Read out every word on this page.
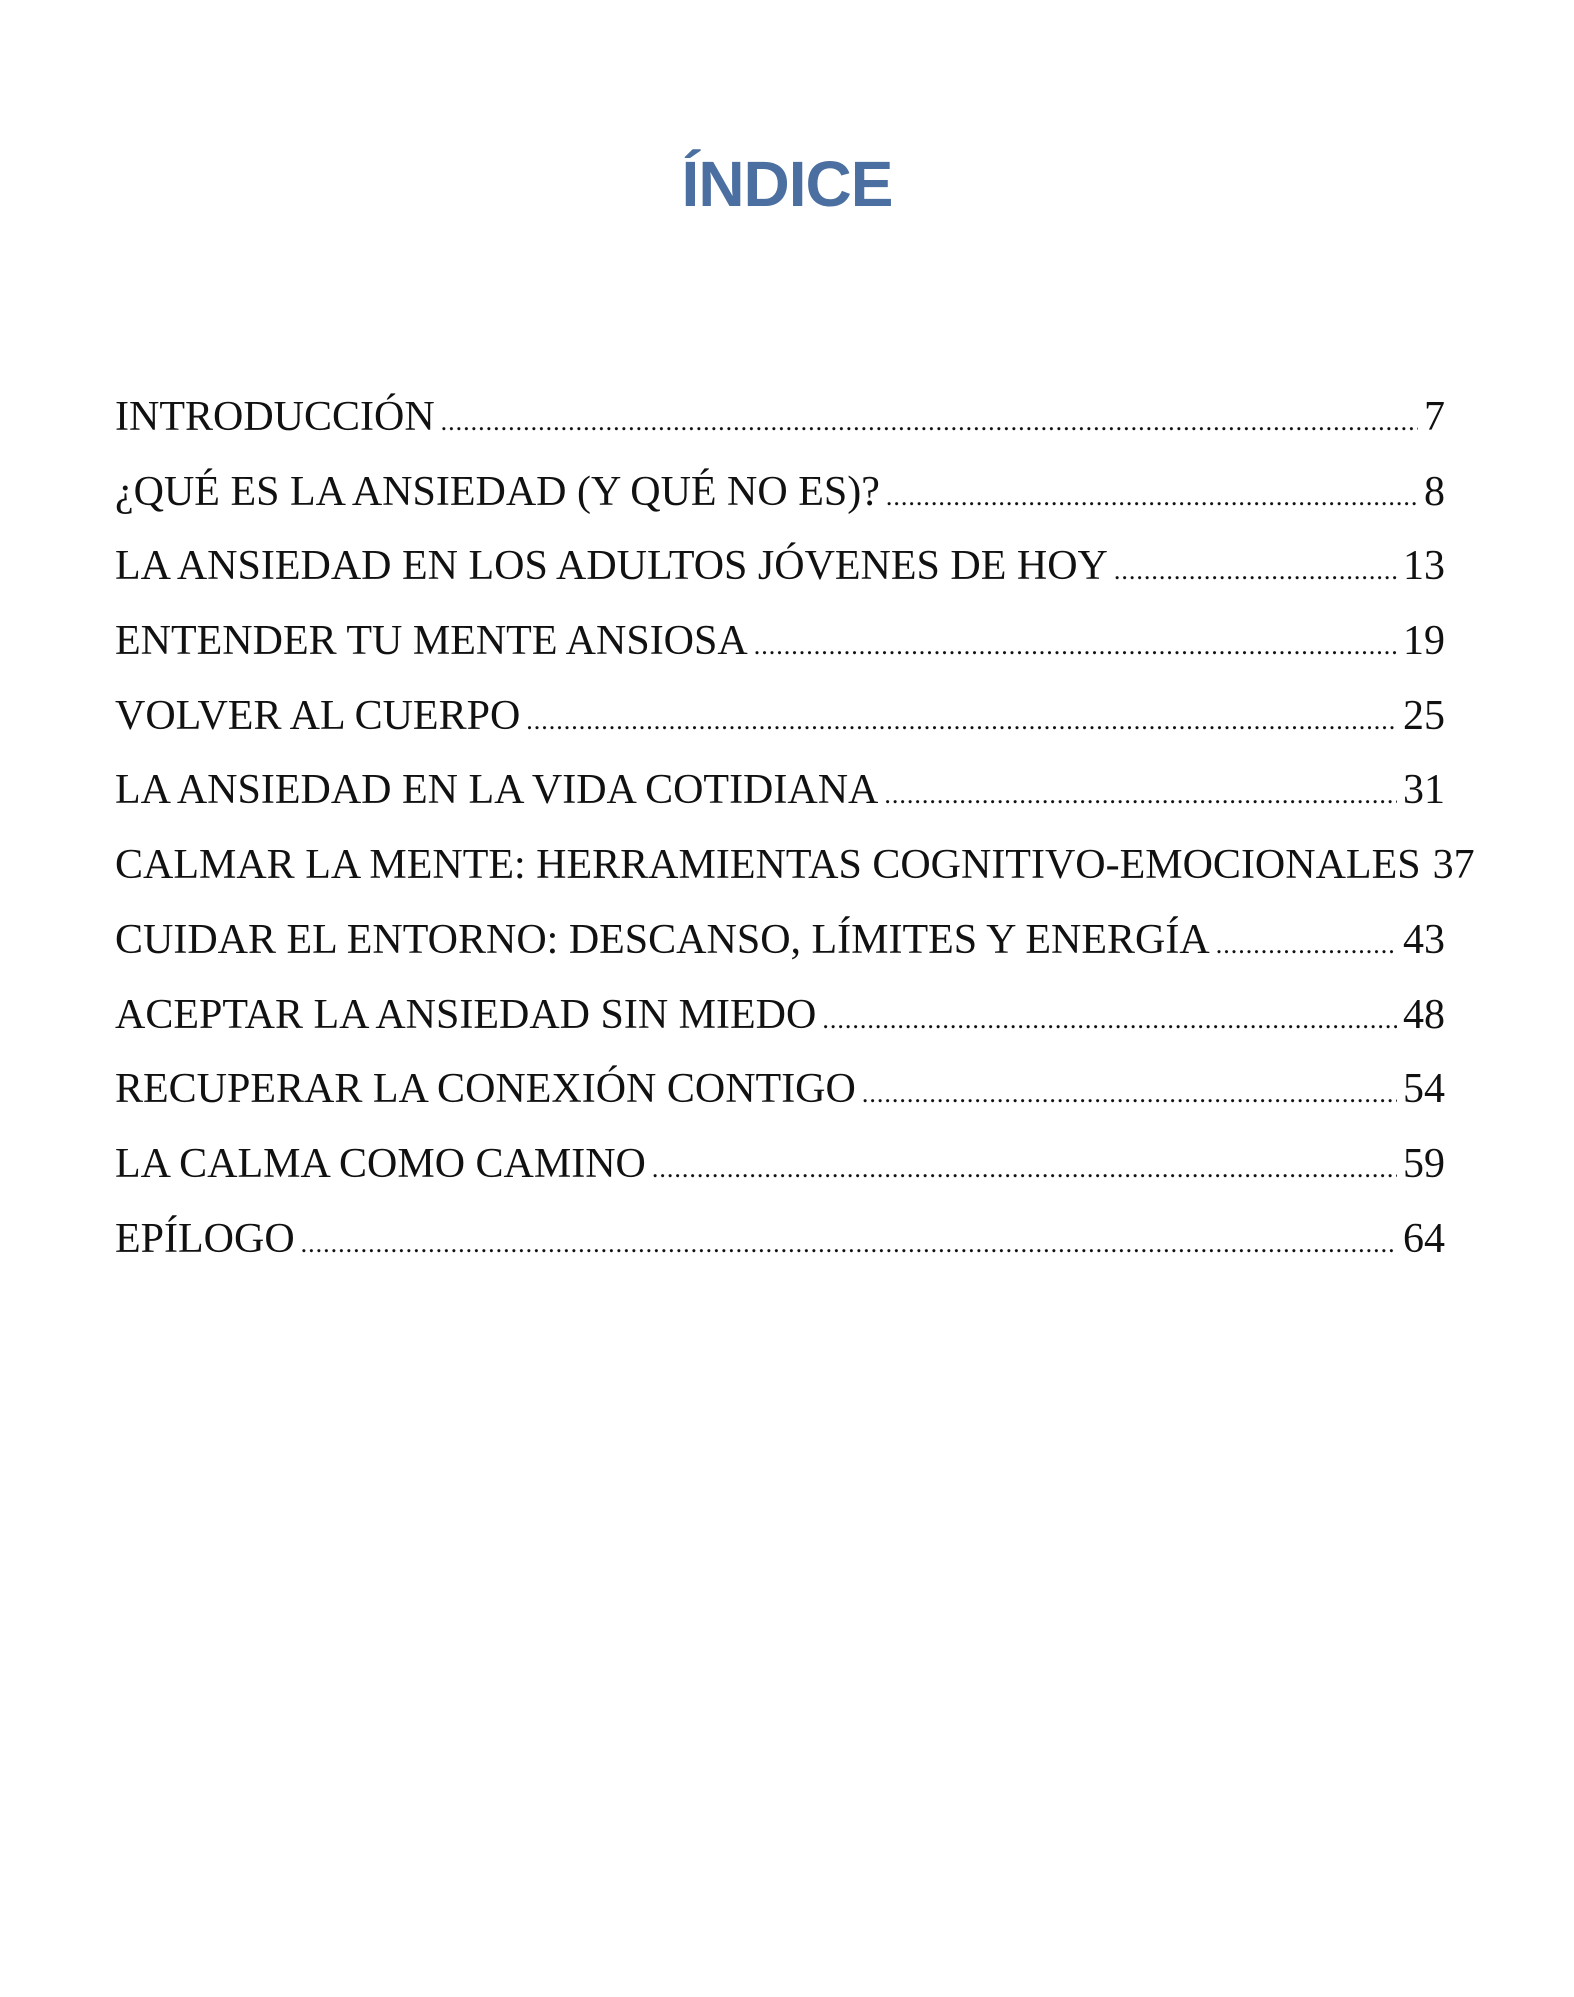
ÍNDICE
INTRODUCCIÓN .....	7
¿QUÉ ES LA ANSIEDAD (Y QUÉ NO ES)? .....	8
LA ANSIEDAD EN LOS ADULTOS JÓVENES DE HOY .....	13
ENTENDER TU MENTE ANSIOSA .....	19
VOLVER AL CUERPO .....	25
LA ANSIEDAD EN LA VIDA COTIDIANA .....	31
CALMAR LA MENTE: HERRAMIENTAS COGNITIVO-EMOCIONALES 37
CUIDAR EL ENTORNO: DESCANSO, LÍMITES Y ENERGÍA .....	43
ACEPTAR LA ANSIEDAD SIN MIEDO .....	48
RECUPERAR LA CONEXIÓN CONTIGO .....	54
LA CALMA COMO CAMINO .....	59
EPÍLOGO .....	64
